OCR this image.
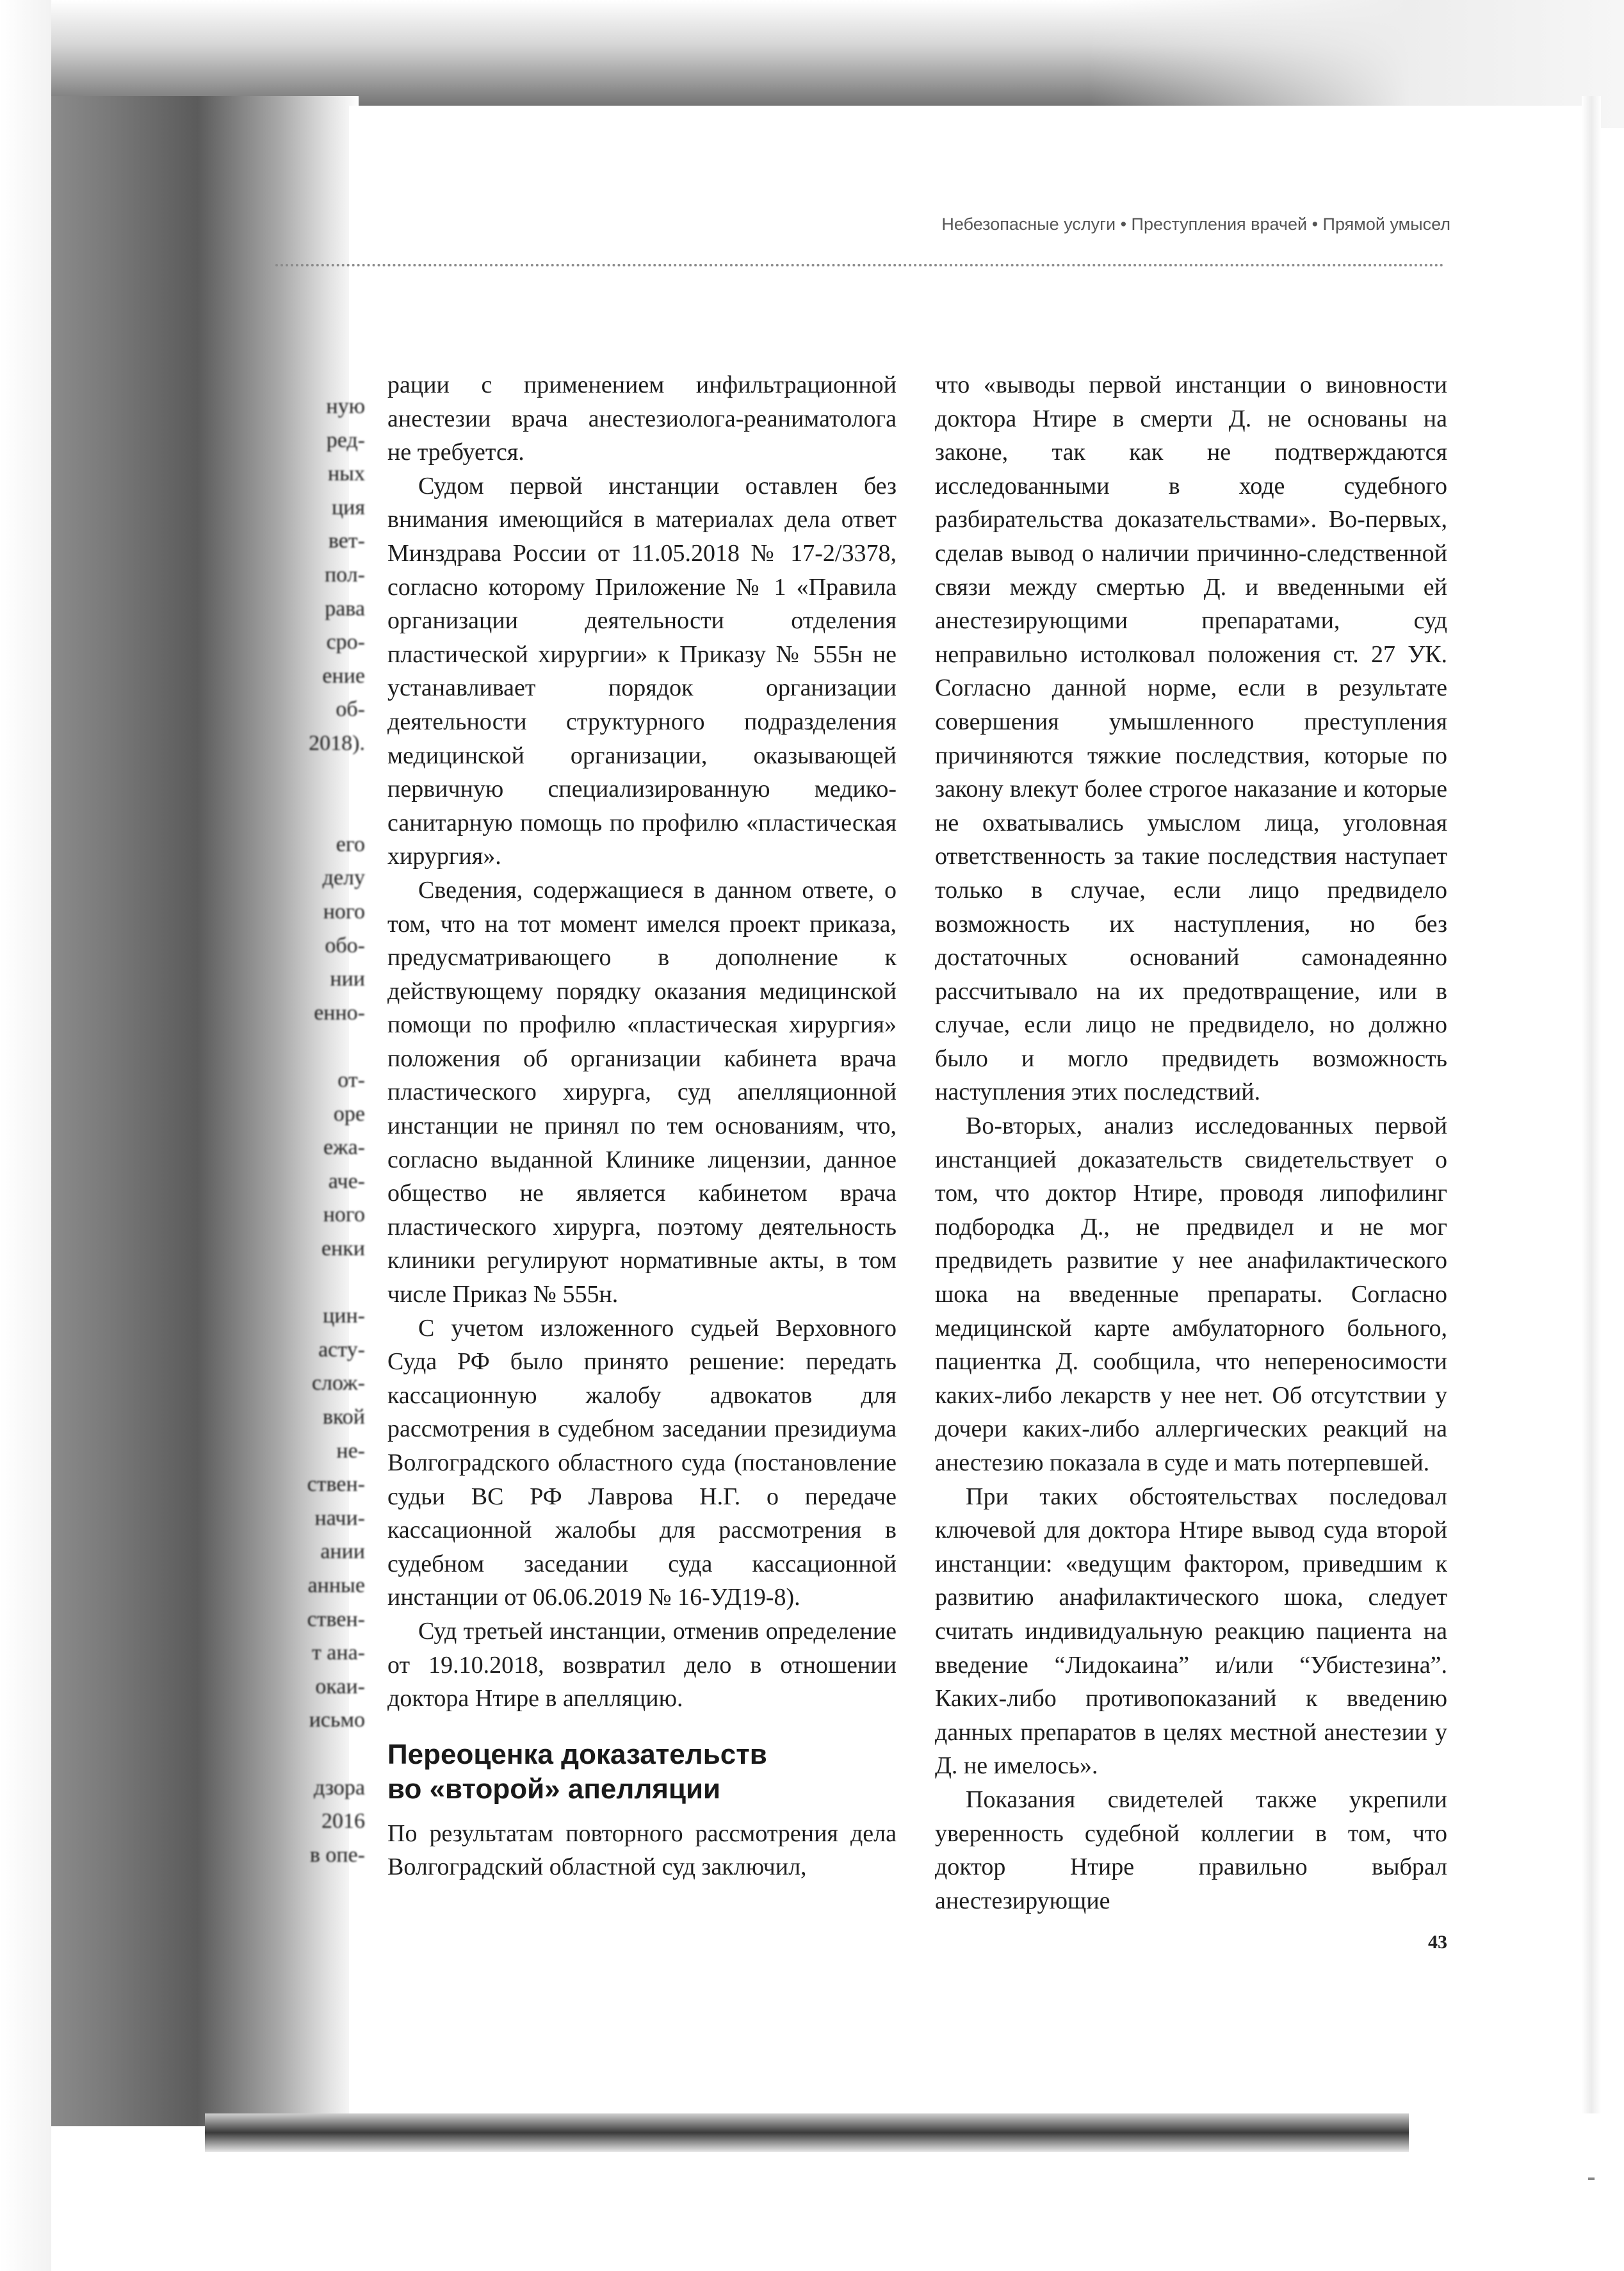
ную
ред-
ных
ция
вет-
пол-
рава
сро-
ение
об-
2018).
его
делу
ного
обо-
нии
енно-
от-
оре
ежа-
аче-
ного
енки
цин-
асту-
слож-
вкой
не-
ствен-
начи-
ании
анные
ствен-
т ана-
окаи-
исьмо
дзора
2016
в опе-
Небезопасные услуги • Преступления врачей • Прямой умысел

рации с применением инфильтрационной анестезии врача анестезиолога-реаниматолога не требуется.

Судом первой инстанции оставлен без внимания имеющийся в материалах дела ответ Минздрава России от 11.05.2018 № 17-2/3378, согласно которому Приложение № 1 «Правила организации деятельности отделения пластической хирургии» к Приказу № 555н не устанавливает порядок организации деятельности структурного подразделения медицинской организации, оказывающей первичную специализированную медико-санитарную помощь по профилю «пластическая хирургия».

Сведения, содержащиеся в данном ответе, о том, что на тот момент имелся проект приказа, предусматривающего в дополнение к действующему порядку оказания медицинской помощи по профилю «пластическая хирургия» положения об организации кабинета врача пластического хирурга, суд апелляционной инстанции не принял по тем основаниям, что, согласно выданной Клинике лицензии, данное общество не является кабинетом врача пластического хирурга, поэтому деятельность клиники регулируют нормативные акты, в том числе Приказ № 555н.

С учетом изложенного судьей Верховного Суда РФ было принято решение: передать кассационную жалобу адвокатов для рассмотрения в судебном заседании президиума Волгоградского областного суда (постановление судьи ВС РФ Лаврова Н.Г. о передаче кассационной жалобы для рассмотрения в судебном заседании суда кассационной инстанции от 06.06.2019 № 16-УД19-8).

Суд третьей инстанции, отменив определение от 19.10.2018, возвратил дело в отношении доктора Нтире в апелляцию.

Переоценка доказательств
во «второй» апелляции

По результатам повторного рассмотрения дела Волгоградский областной суд заключил,

что «выводы первой инстанции о виновности доктора Нтире в смерти Д. не основаны на законе, так как не подтверждаются исследованными в ходе судебного разбирательства доказательствами». Во-первых, сделав вывод о наличии причинно-следственной связи между смертью Д. и введенными ей анестезирующими препаратами, суд неправильно истолковал положения ст. 27 УК. Согласно данной норме, если в результате совершения умышленного преступления причиняются тяжкие последствия, которые по закону влекут более строгое наказание и которые не охватывались умыслом лица, уголовная ответственность за такие последствия наступает только в случае, если лицо предвидело возможность их наступления, но без достаточных оснований самонадеянно рассчитывало на их предотвращение, или в случае, если лицо не предвидело, но должно было и могло предвидеть возможность наступления этих последствий.

Во-вторых, анализ исследованных первой инстанцией доказательств свидетельствует о том, что доктор Нтире, проводя липофилинг подбородка Д., не предвидел и не мог предвидеть развитие у нее анафилактического шока на введенные препараты. Согласно медицинской карте амбулаторного больного, пациентка Д. сообщила, что непереносимости каких-либо лекарств у нее нет. Об отсутствии у дочери каких-либо аллергических реакций на анестезию показала в суде и мать потерпевшей.

При таких обстоятельствах последовал ключевой для доктора Нтире вывод суда второй инстанции: «ведущим фактором, приведшим к развитию анафилактического шока, следует считать индивидуальную реакцию пациента на введение “Лидокаина” и/или “Убистезина”. Каких-либо противопоказаний к введению данных препаратов в целях местной анестезии у Д. не имелось».

Показания свидетелей также укрепили уверенность судебной коллегии в том, что доктор Нтире правильно выбрал анестезирующие

43
